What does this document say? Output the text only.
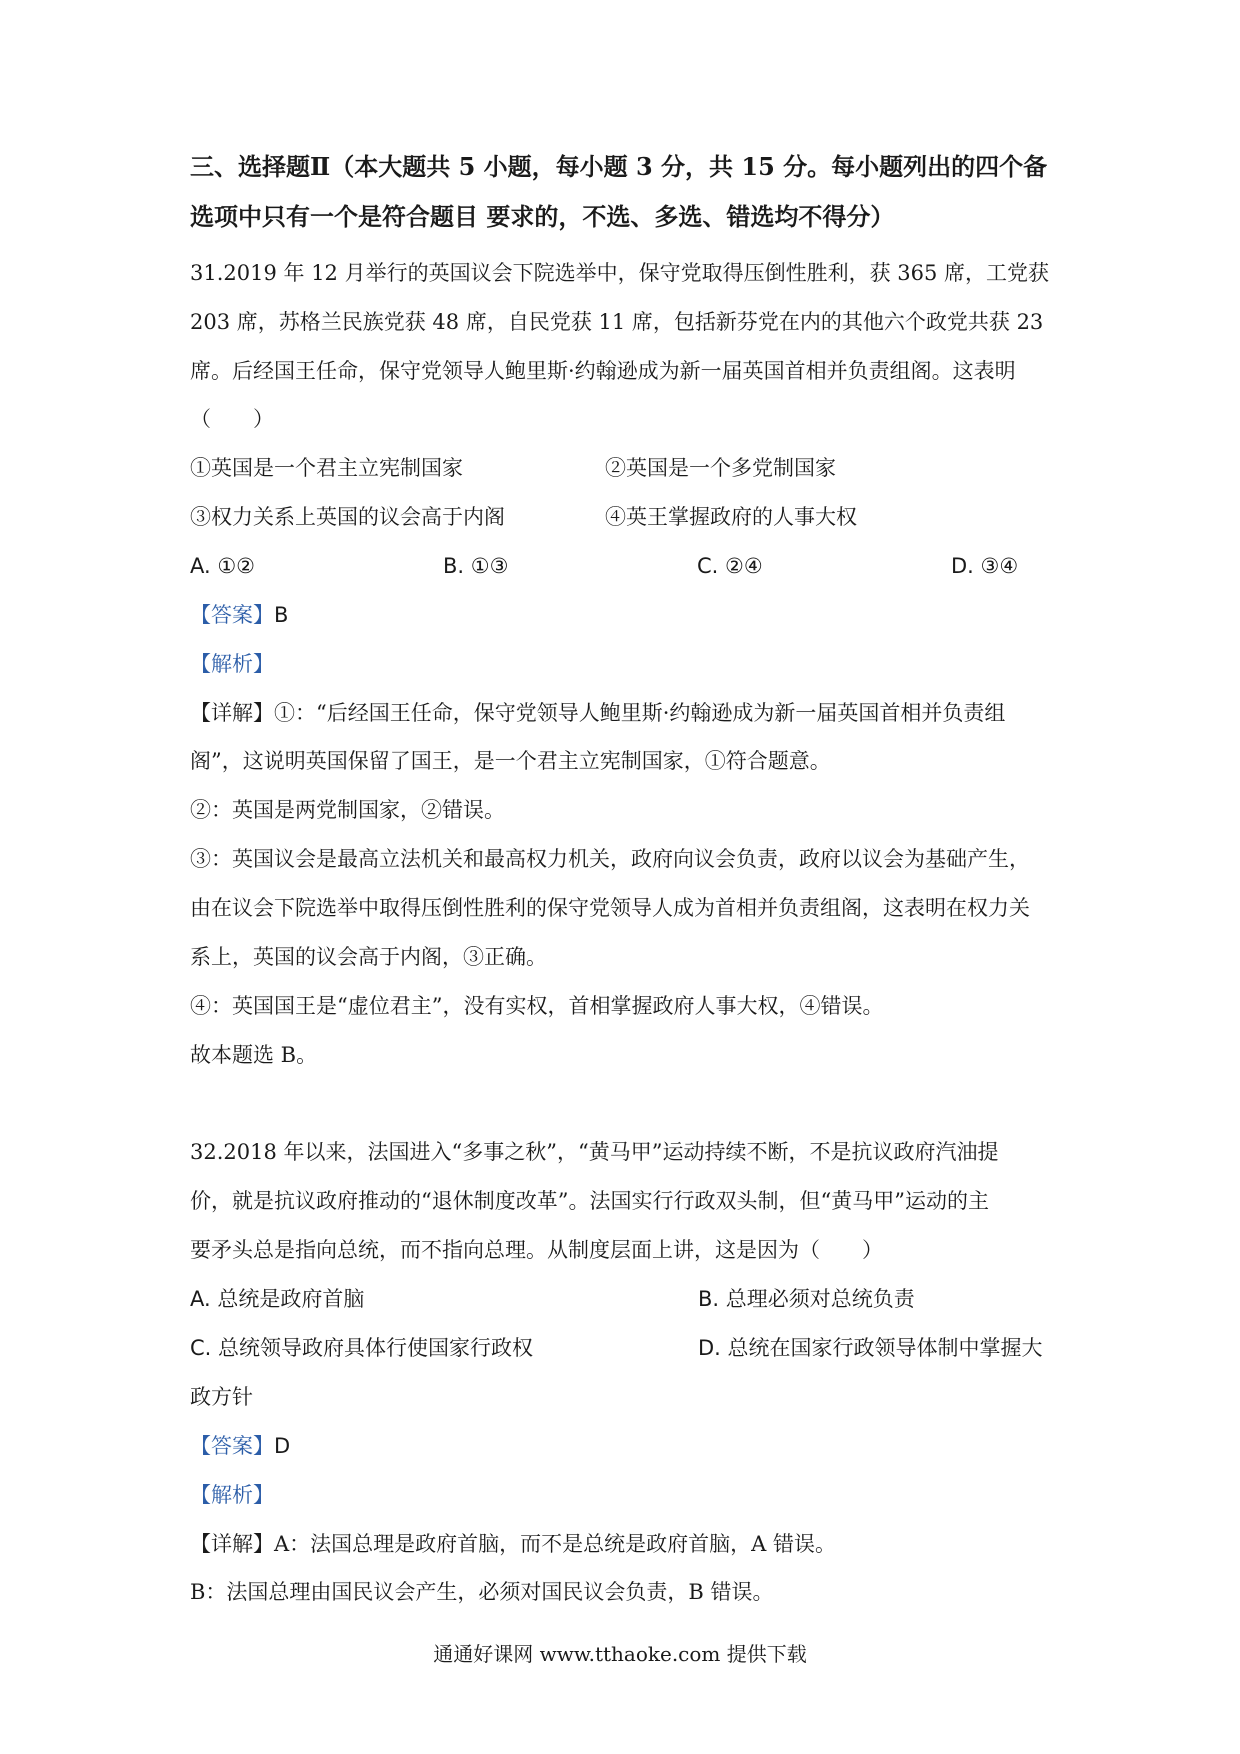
三、选择题Ⅱ（本大题共 5 小题，每小题 3 分，共 15 分。每小题列出的四个备
选项中只有一个是符合题目 要求的，不选、多选、错选均不得分）
31.2019 年 12 月举行的英国议会下院选举中，保守党取得压倒性胜利，获 365 席，工党获
203 席，苏格兰民族党获 48 席，自民党获 11 席，包括新芬党在内的其他六个政党共获 23
席。后经国王任命，保守党领导人鲍里斯·约翰逊成为新一届英国首相并负责组阁。这表明
（　　）
①英国是一个君主立宪制国家	②英国是一个多党制国家
③权力关系上英国的议会高于内阁	④英王掌握政府的人事大权
A. ①②	B. ①③	C. ②④	D. ③④
【答案】B
【解析】
【详解】①：“后经国王任命，保守党领导人鲍里斯·约翰逊成为新一届英国首相并负责组
阁”，这说明英国保留了国王，是一个君主立宪制国家，①符合题意。
②：英国是两党制国家，②错误。
③：英国议会是最高立法机关和最高权力机关，政府向议会负责，政府以议会为基础产生，
由在议会下院选举中取得压倒性胜利的保守党领导人成为首相并负责组阁，这表明在权力关
系上，英国的议会高于内阁，③正确。
④：英国国王是“虚位君主”，没有实权，首相掌握政府人事大权，④错误。
故本题选 B。
32.2018 年以来，法国进入“多事之秋”，“黄马甲”运动持续不断，不是抗议政府汽油提
价，就是抗议政府推动的“退休制度改革”。法国实行行政双头制，但“黄马甲”运动的主
要矛头总是指向总统，而不指向总理。从制度层面上讲，这是因为（　　）
A. 总统是政府首脑	B. 总理必须对总统负责
C. 总统领导政府具体行使国家行政权	D. 总统在国家行政领导体制中掌握大
政方针
【答案】D
【解析】
【详解】A：法国总理是政府首脑，而不是总统是政府首脑，A 错误。
B：法国总理由国民议会产生，必须对国民议会负责，B 错误。
通通好课网 www.tthaoke.com 提供下载
